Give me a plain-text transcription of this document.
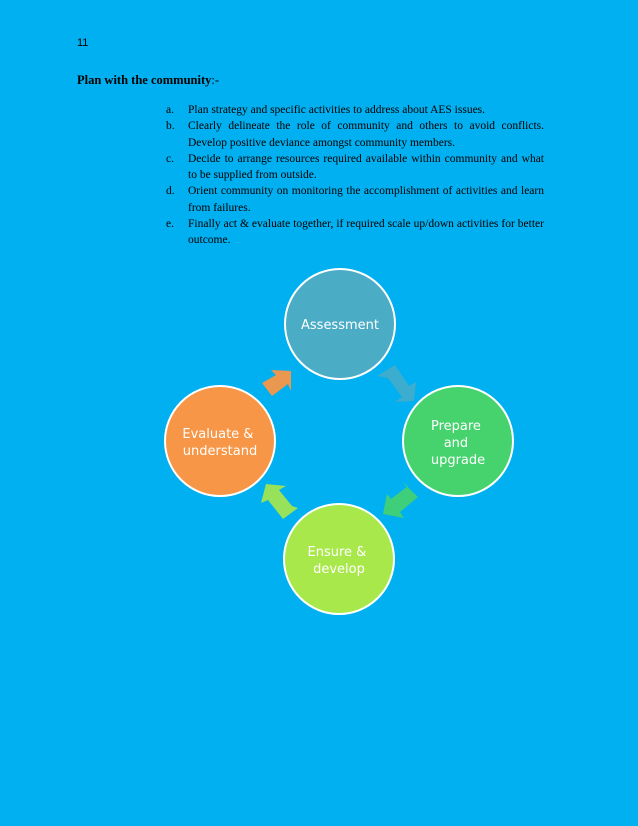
11
Plan with the community:-
a. Plan strategy and specific activities to address about AES issues.
b. Clearly delineate the role of community and others to avoid conflicts. Develop positive deviance amongst community members.
c. Decide to arrange resources required available within community and what to be supplied from outside.
d. Orient community on monitoring the accomplishment of activities and learn from failures.
e. Finally act & evaluate together, if required scale up/down activities for better outcome.
Assessment
Prepare and upgrade
Ensure & develop
Evaluate & understand
